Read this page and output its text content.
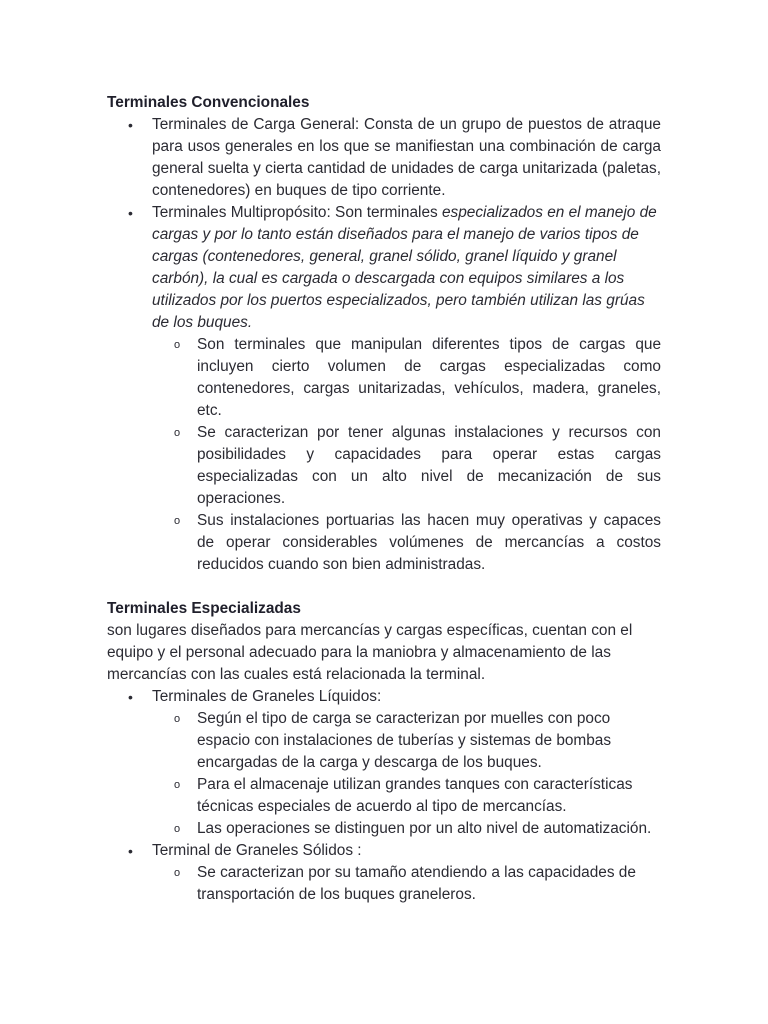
Terminales Convencionales

• Terminales de Carga General: Consta de un grupo de puestos de atraque para usos generales en los que se manifiestan una combinación de carga general suelta y cierta cantidad de unidades de carga unitarizada (paletas, contenedores) en buques de tipo corriente.
• Terminales Multipropósito: Son terminales especializados en el manejo de cargas y por lo tanto están diseñados para el manejo de varios tipos de cargas (contenedores, general, granel sólido, granel líquido y granel carbón), la cual es cargada o descargada con equipos similares a los utilizados por los puertos especializados, pero también utilizan las grúas de los buques.
o Son terminales que manipulan diferentes tipos de cargas que incluyen cierto volumen de cargas especializadas como contenedores, cargas unitarizadas, vehículos, madera, graneles, etc.
o Se caracterizan por tener algunas instalaciones y recursos con posibilidades y capacidades para operar estas cargas especializadas con un alto nivel de mecanización de sus operaciones.
o Sus instalaciones portuarias las hacen muy operativas y capaces de operar considerables volúmenes de mercancías a costos reducidos cuando son bien administradas.

Terminales Especializadas

son lugares diseñados para mercancías y cargas específicas, cuentan con el equipo y el personal adecuado para la maniobra y almacenamiento de las mercancías con las cuales está relacionada la terminal.

• Terminales de Graneles Líquidos:
o Según el tipo de carga se caracterizan por muelles con poco espacio con instalaciones de tuberías y sistemas de bombas encargadas de la carga y descarga de los buques.
o Para el almacenaje utilizan grandes tanques con características técnicas especiales de acuerdo al tipo de mercancías.
o Las operaciones se distinguen por un alto nivel de automatización.
• Terminal de Graneles Sólidos :
o Se caracterizan por su tamaño atendiendo a las capacidades de transportación de los buques graneleros.
